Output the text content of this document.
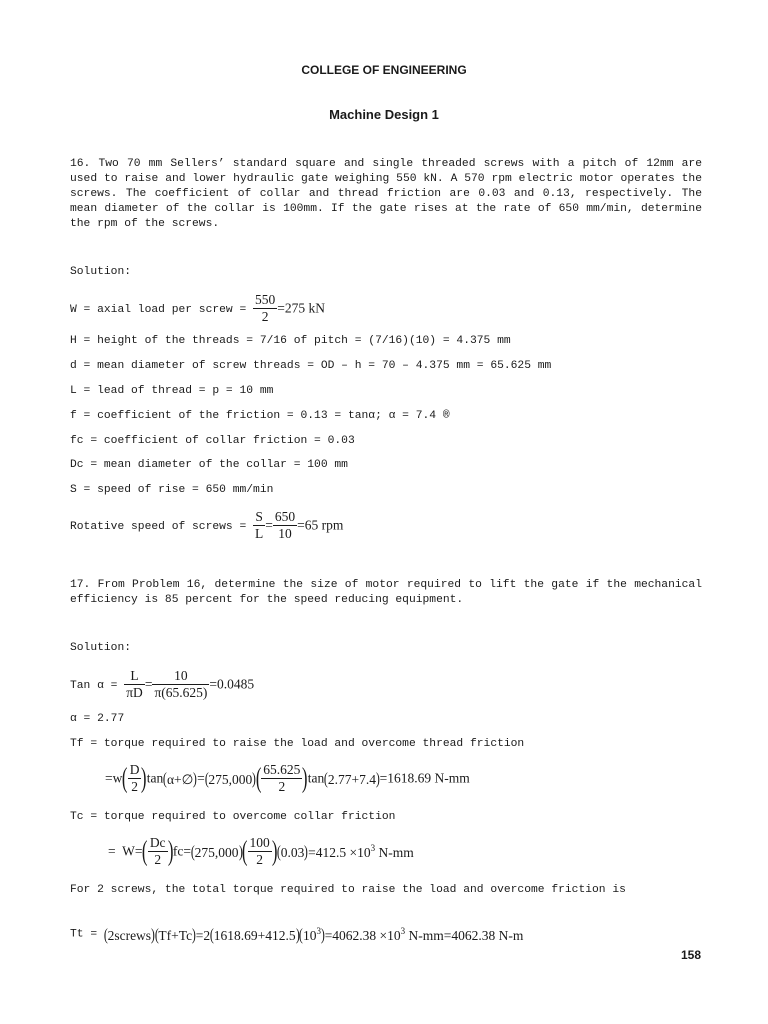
COLLEGE OF ENGINEERING
Machine Design 1
16. Two 70 mm Sellers’ standard square and single threaded screws with a pitch of 12mm are used to raise and lower hydraulic gate weighing 550 kN. A 570 rpm electric motor operates the screws. The coefficient of collar and thread friction are 0.03 and 0.13, respectively. The mean diameter of the collar is 100mm. If the gate rises at the rate of 650 mm/min, determine the rpm of the screws.
Solution:
W = axial load per screw = $\frac{550}{2} =275$ kN
H = height of the threads = 7/16 of pitch = (7/16)(10) = 4.375 mm
d = mean diameter of screw threads = OD – h = 70 – 4.375 mm = 65.625 mm
L = lead of thread = p = 10 mm
f = coefficient of the friction = 0.13 = tanα; α = 7.4 ®
fc = coefficient of collar friction = 0.03
Dc = mean diameter of the collar = 100 mm
S = speed of rise = 650 mm/min
Rotative speed of screws = $\frac{S}{L} = \frac{650}{10} =65$ rpm
17. From Problem 16, determine the size of motor required to lift the gate if the mechanical efficiency is 85 percent for the speed reducing equipment.
Solution:
Tan $\alpha = \frac{L}{\pi D} = \frac{10}{\pi(65.625)} =0.0485$
α = 2.77
Tf = torque required to raise the load and overcome thread friction
$=w( \frac{D}{2}$ )tan(α+∅)=(275,000)( $\frac{65.625}{2} )\tan(2.77+7.4)=1618.69$ N-mm
Tc = torque required to overcome collar friction
=  $W=( \frac{Dc}{2} )fc=(275,000)( \frac{100}{2} )(0.03)=412.5 \times 10^3$ N-mm
For 2 screws, the total torque required to raise the load and overcome friction is
$Tt = (2screws)(Tf+Tc)=2(1618.69+412.5)(10^3)=4062.38 \times 10^3$ N-mm=4062.38 N-m
158
